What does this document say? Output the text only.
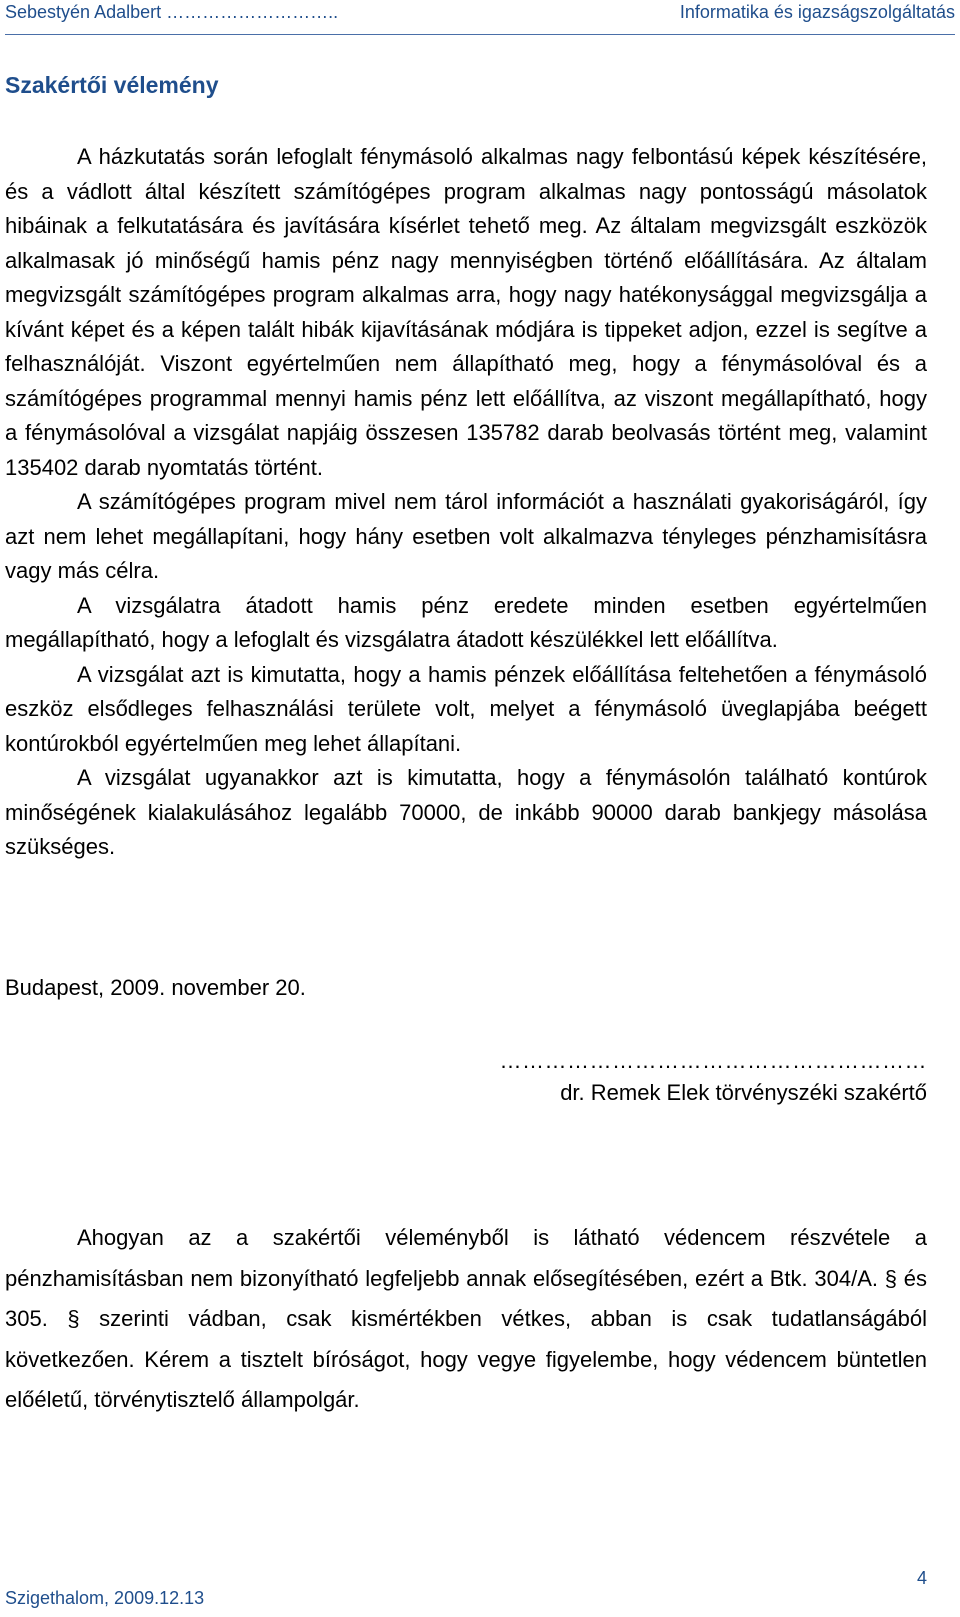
Sebestyén Adalbert ………………………..	Informatika és igazságszolgáltatás
Szakértői vélemény

A házkutatás során lefoglalt fénymásoló alkalmas nagy felbontású képek készítésére, és a vádlott által készített számítógépes program alkalmas nagy pontosságú másolatok hibáinak a felkutatására és javítására kísérlet tehető meg. Az általam megvizsgált eszközök alkalmasak jó minőségű hamis pénz nagy mennyiségben történő előállítására. Az általam megvizsgált számítógépes program alkalmas arra, hogy nagy hatékonysággal megvizsgálja a kívánt képet és a képen talált hibák kijavításának módjára is tippeket adjon, ezzel is segítve a felhasználóját. Viszont egyértelműen nem állapítható meg, hogy a fénymásolóval és a számítógépes programmal mennyi hamis pénz lett előállítva, az viszont megállapítható, hogy a fénymásolóval a vizsgálat napjáig összesen 135782 darab beolvasás történt meg, valamint 135402 darab nyomtatás történt.

A számítógépes program mivel nem tárol információt a használati gyakoriságáról, így azt nem lehet megállapítani, hogy hány esetben volt alkalmazva tényleges pénzhamisításra vagy más célra.

A vizsgálatra átadott hamis pénz eredete minden esetben egyértelműen megállapítható, hogy a lefoglalt és vizsgálatra átadott készülékkel lett előállítva.

A vizsgálat azt is kimutatta, hogy a hamis pénzek előállítása feltehetően a fénymásoló eszköz elsődleges felhasználási területe volt, melyet a fénymásoló üveglapjába beégett kontúrokból egyértelműen meg lehet állapítani.

A vizsgálat ugyanakkor azt is kimutatta, hogy a fénymásolón található kontúrok minőségének kialakulásához legalább 70000, de inkább 90000 darab bankjegy másolása szükséges.

Budapest, 2009. november 20.

…………………………………………………

dr. Remek Elek törvényszéki szakértő

Ahogyan az a szakértői véleményből is látható védencem részvétele a pénzhamisításban nem bizonyítható legfeljebb annak elősegítésében, ezért a Btk. 304/A. § és 305. § szerinti vádban, csak kismértékben vétkes, abban is csak tudatlanságából következően. Kérem a tisztelt bíróságot, hogy vegye figyelembe, hogy védencem büntetlen előéletű, törvénytisztelő állampolgár.

Szigethalom, 2009.12.13

4
